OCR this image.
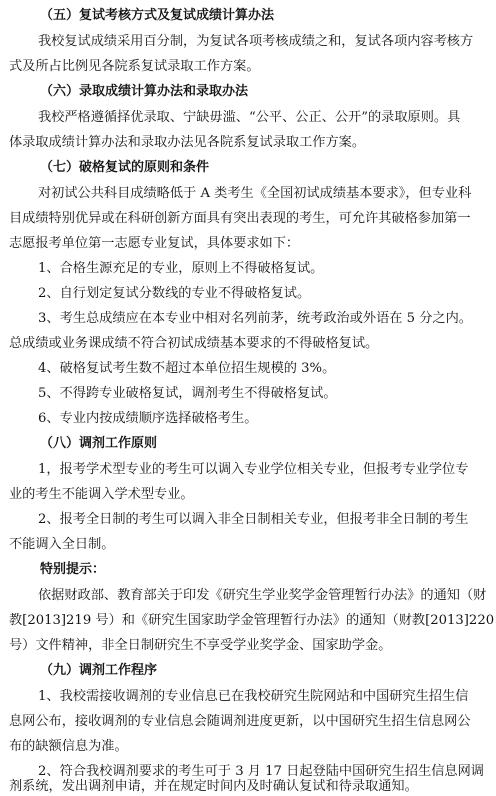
（五）复试考核方式及复试成绩计算办法
我校复试成绩采用百分制，为复试各项考核成绩之和，复试各项内容考核方
式及所占比例见各院系复试录取工作方案。
（六）录取成绩计算办法和录取办法
我校严格遵循择优录取、宁缺毋滥、“公平、公正、公开”的录取原则。具
体录取成绩计算办法和录取办法见各院系复试录取工作方案。
（七）破格复试的原则和条件
对初试公共科目成绩略低于 A 类考生《全国初试成绩基本要求》，但专业科
目成绩特别优异或在科研创新方面具有突出表现的考生，可允许其破格参加第一
志愿报考单位第一志愿专业复试，具体要求如下：
1、合格生源充足的专业，原则上不得破格复试。
2、自行划定复试分数线的专业不得破格复试。
3、考生总成绩应在本专业中相对名列前茅，统考政治或外语在 5 分之内。
总成绩或业务课成绩不符合初试成绩基本要求的不得破格复试。
4、破格复试考生数不超过本单位招生规模的 3%。
5、不得跨专业破格复试，调剂考生不得破格复试。
6、专业内按成绩顺序选择破格考生。
（八）调剂工作原则
1，报考学术型专业的考生可以调入专业学位相关专业，但报考专业学位专
业的考生不能调入学术型专业。
2、报考全日制的考生可以调入非全日制相关专业，但报考非全日制的考生
不能调入全日制。
特别提示：
依据财政部、教育部关于印发《研究生学业奖学金管理暂行办法》的通知（财
教[2013]219 号）和《研究生国家助学金管理暂行办法》的通知（财教[2013]220
号）文件精神，非全日制研究生不享受学业奖学金、国家助学金。
（九）调剂工作程序
1、我校需接收调剂的专业信息已在我校研究生院网站和中国研究生招生信
息网公布，接收调剂的专业信息会随调剂进度更新，以中国研究生招生信息网公
布的缺额信息为准。
2、符合我校调剂要求的考生可于 3 月 17 日起登陆中国研究生招生信息网调
剂系统，发出调剂申请，并在规定时间内及时确认复试和待录取通知。
